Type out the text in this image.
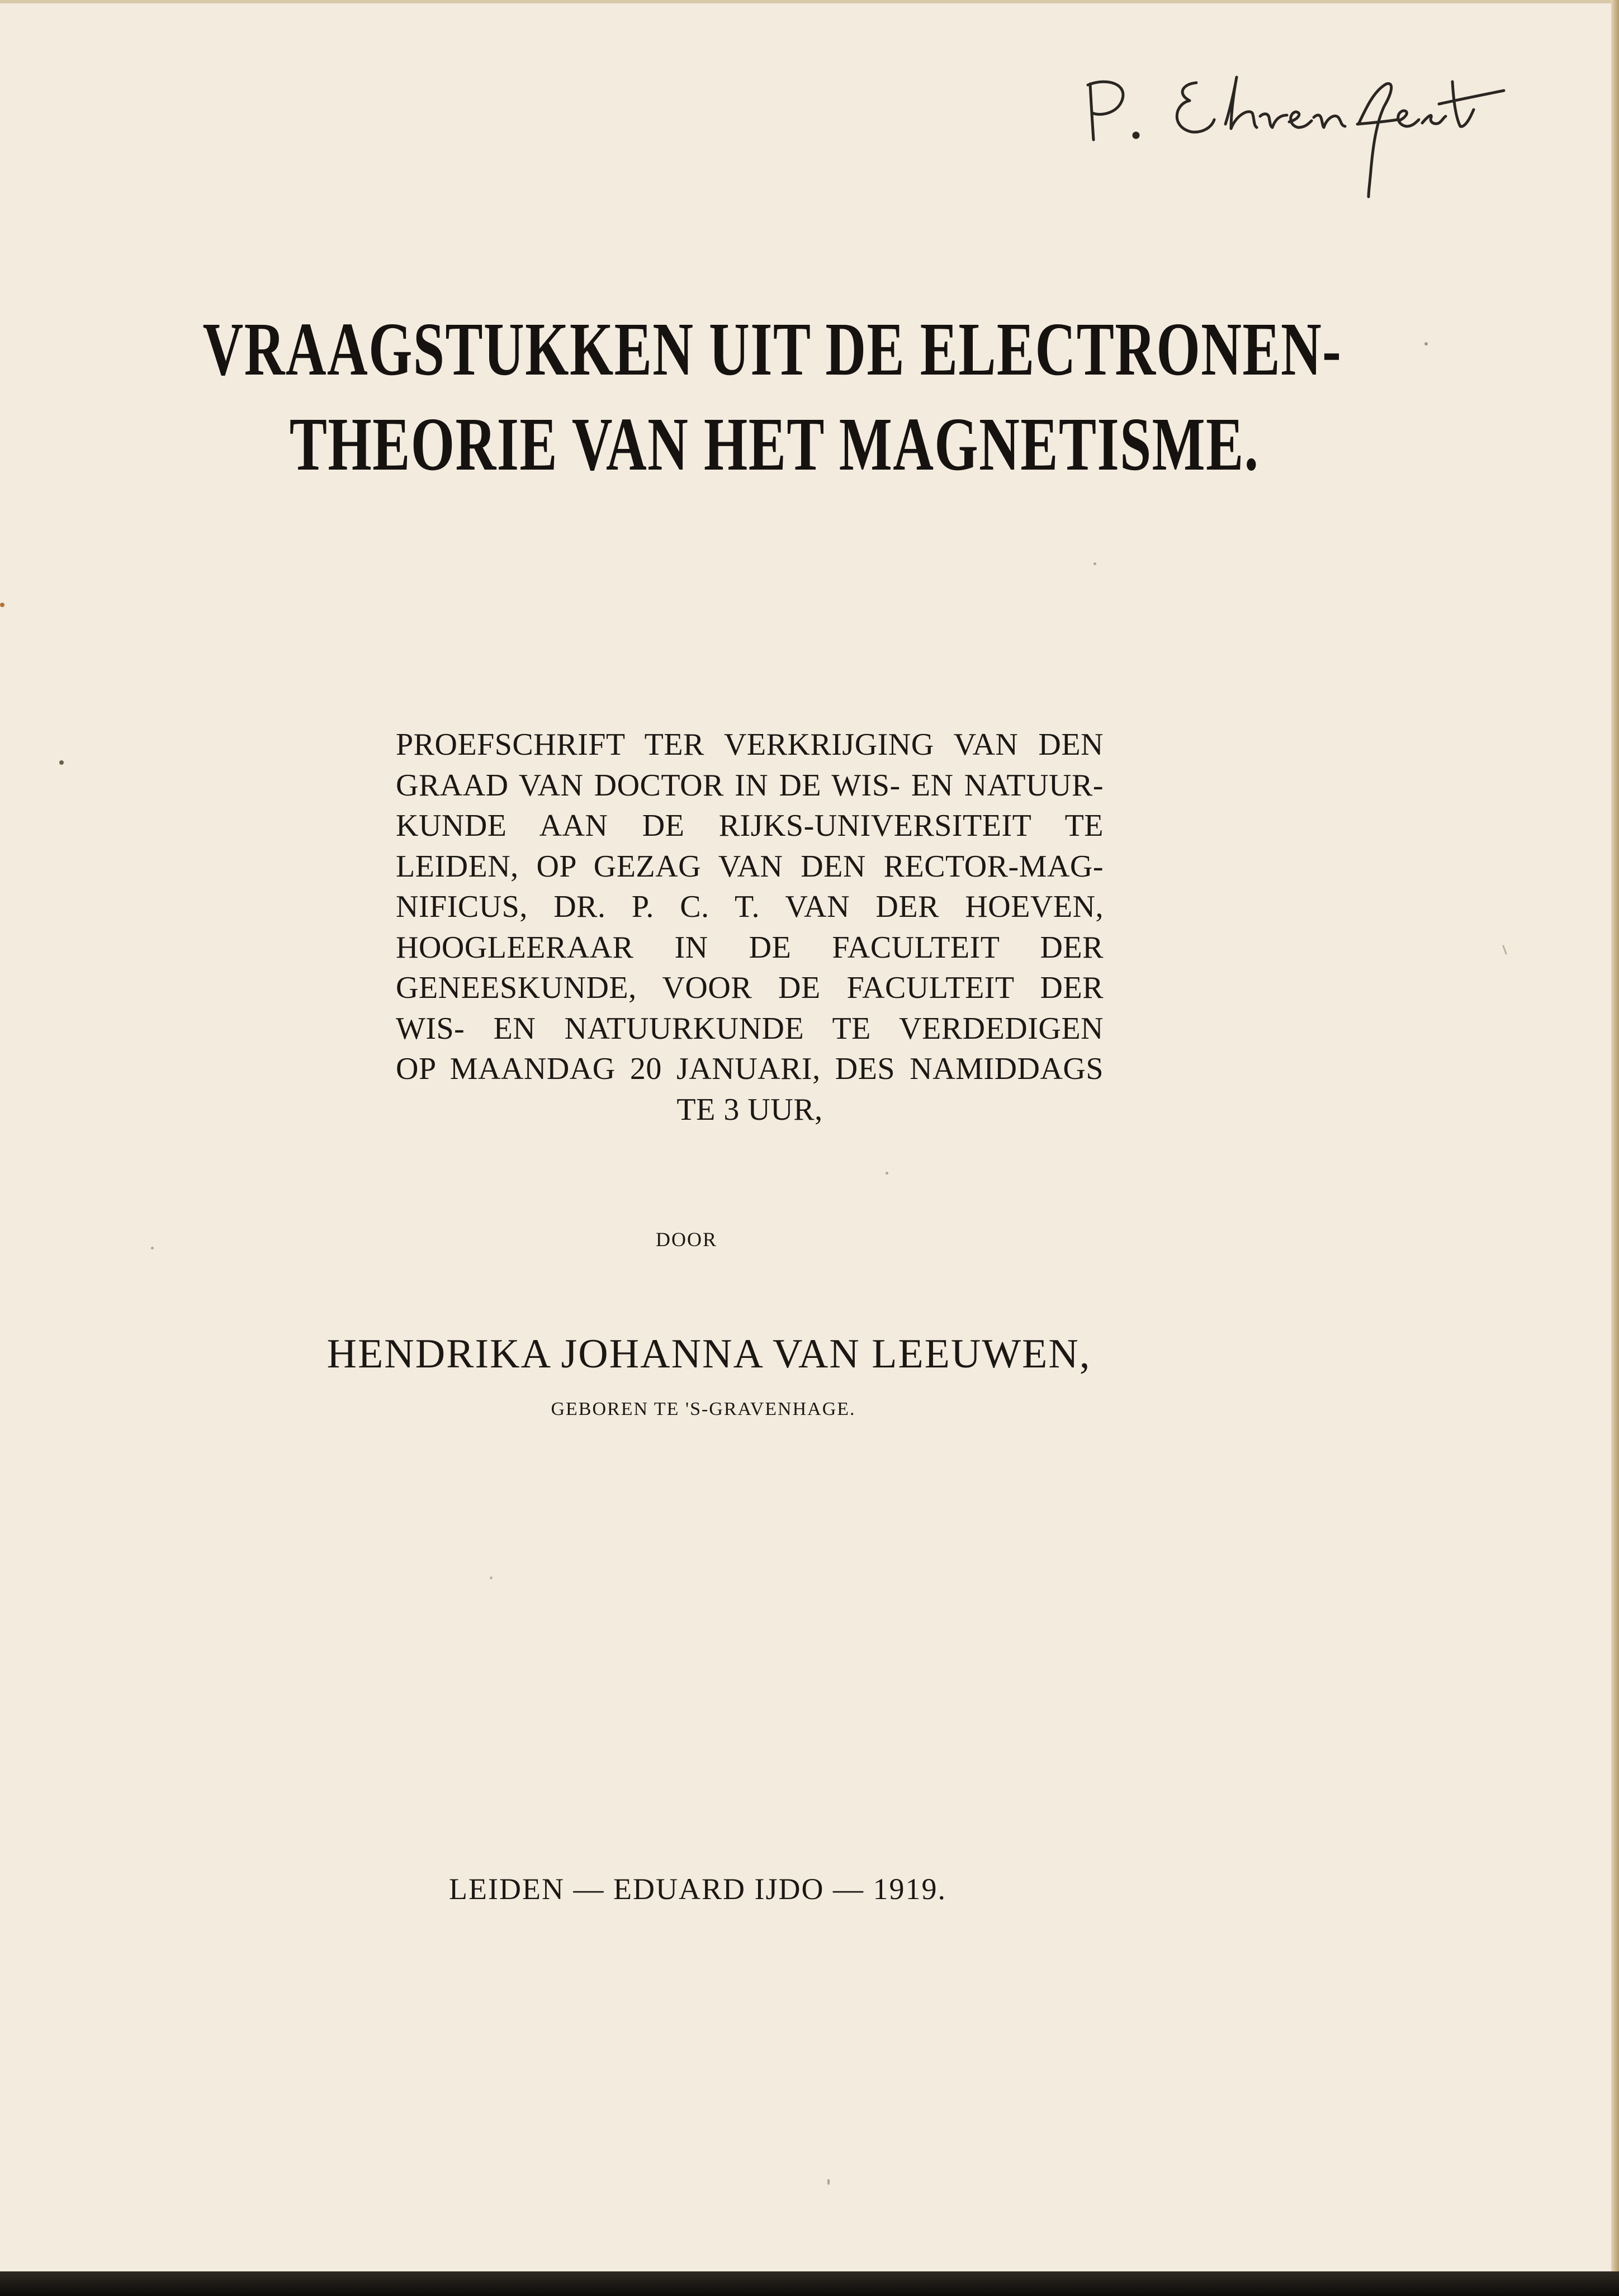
VRAAGSTUKKEN UIT DE ELECTRONEN-
THEORIE VAN HET MAGNETISME.
PROEFSCHRIFT TER VERKRIJGING VAN DEN
GRAAD VAN DOCTOR IN DE WIS- EN NATUUR-
KUNDE AAN DE RIJKS-UNIVERSITEIT TE
LEIDEN, OP GEZAG VAN DEN RECTOR-MAG-
NIFICUS, DR. P. C. T. VAN DER HOEVEN,
HOOGLEERAAR IN DE FACULTEIT DER
GENEESKUNDE, VOOR DE FACULTEIT DER
WIS- EN NATUURKUNDE TE VERDEDIGEN
OP MAANDAG 20 JANUARI, DES NAMIDDAGS
TE 3 UUR,
DOOR
HENDRIKA JOHANNA VAN LEEUWEN,
GEBOREN TE 'S-GRAVENHAGE.
LEIDEN — EDUARD IJDO — 1919.
